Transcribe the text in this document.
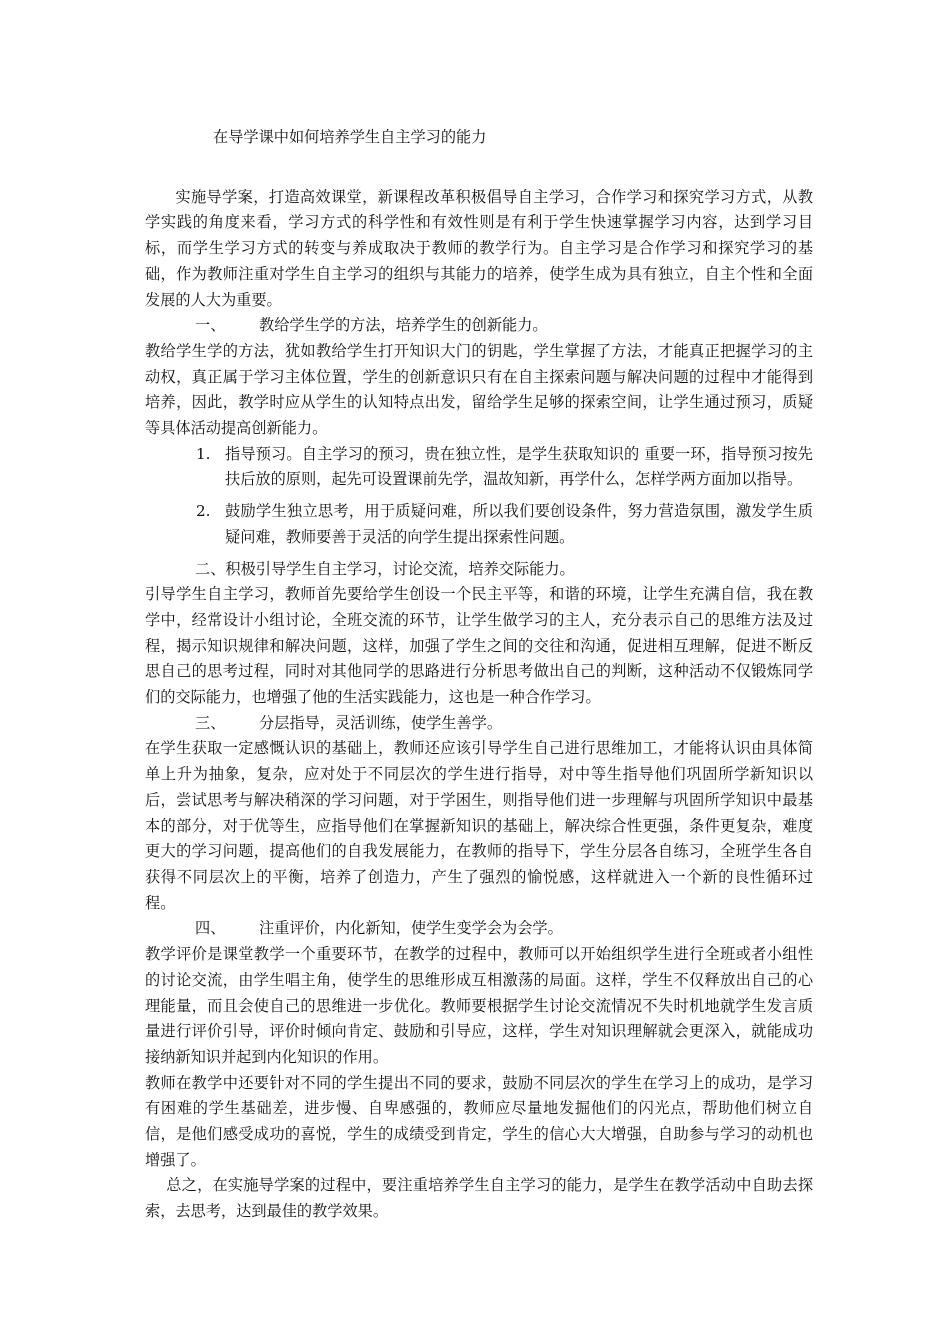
在导学课中如何培养学生自主学习的能力

实施导学案，打造高效课堂，新课程改革积极倡导自主学习，合作学习和探究学习方式，从教学实践的角度来看，学习方式的科学性和有效性则是有利于学生快速掌握学习内容，达到学习目标，而学生学习方式的转变与养成取决于教师的教学行为。自主学习是合作学习和探究学习的基础，作为教师注重对学生自主学习的组织与其能力的培养，使学生成为具有独立，自主个性和全面发展的人大为重要。

一、 教给学生学的方法，培养学生的创新能力。

教给学生学的方法，犹如教给学生打开知识大门的钥匙，学生掌握了方法，才能真正把握学习的主动权，真正属于学习主体位置，学生的创新意识只有在自主探索问题与解决问题的过程中才能得到培养，因此，教学时应从学生的认知特点出发，留给学生足够的探索空间，让学生通过预习，质疑等具体活动提高创新能力。

1. 指导预习。自主学习的预习，贵在独立性，是学生获取知识的 重要一环，指导预习按先扶后放的原则，起先可设置课前先学，温故知新，再学什么，怎样学两方面加以指导。
2. 鼓励学生独立思考，用于质疑问难，所以我们要创设条件，努力营造氛围，激发学生质疑问难，教师要善于灵活的向学生提出探索性问题。

二、积极引导学生自主学习，讨论交流，培养交际能力。

引导学生自主学习，教师首先要给学生创设一个民主平等，和谐的环境，让学生充满自信，我在教学中，经常设计小组讨论，全班交流的环节，让学生做学习的主人，充分表示自己的思维方法及过程，揭示知识规律和解决问题，这样，加强了学生之间的交往和沟通，促进相互理解，促进不断反思自己的思考过程，同时对其他同学的思路进行分析思考做出自己的判断，这种活动不仅锻炼同学们的交际能力，也增强了他的生活实践能力，这也是一种合作学习。

三、 分层指导，灵活训练，使学生善学。

在学生获取一定感慨认识的基础上，教师还应该引导学生自己进行思维加工，才能将认识由具体简单上升为抽象，复杂，应对处于不同层次的学生进行指导，对中等生指导他们巩固所学新知识以后，尝试思考与解决稍深的学习问题，对于学困生，则指导他们进一步理解与巩固所学知识中最基本的部分，对于优等生，应指导他们在掌握新知识的基础上，解决综合性更强，条件更复杂，难度更大的学习问题，提高他们的自我发展能力，在教师的指导下，学生分层各自练习，全班学生各自获得不同层次上的平衡，培养了创造力，产生了强烈的愉悦感，这样就进入一个新的良性循环过程。

四、 注重评价，内化新知，使学生变学会为会学。

教学评价是课堂教学一个重要环节，在教学的过程中，教师可以开始组织学生进行全班或者小组性的讨论交流，由学生唱主角，使学生的思维形成互相激荡的局面。这样，学生不仅释放出自己的心理能量，而且会使自己的思维进一步优化。教师要根据学生讨论交流情况不失时机地就学生发言质量进行评价引导，评价时倾向肯定、鼓励和引导应，这样，学生对知识理解就会更深入，就能成功接纳新知识并起到内化知识的作用。

教师在教学中还要针对不同的学生提出不同的要求，鼓励不同层次的学生在学习上的成功，是学习有困难的学生基础差，进步慢、自卑感强的，教师应尽量地发掘他们的闪光点，帮助他们树立自信，是他们感受成功的喜悦，学生的成绩受到肯定，学生的信心大大增强，自助参与学习的动机也增强了。

总之，在实施导学案的过程中，要注重培养学生自主学习的能力，是学生在教学活动中自助去探索，去思考，达到最佳的教学效果。
